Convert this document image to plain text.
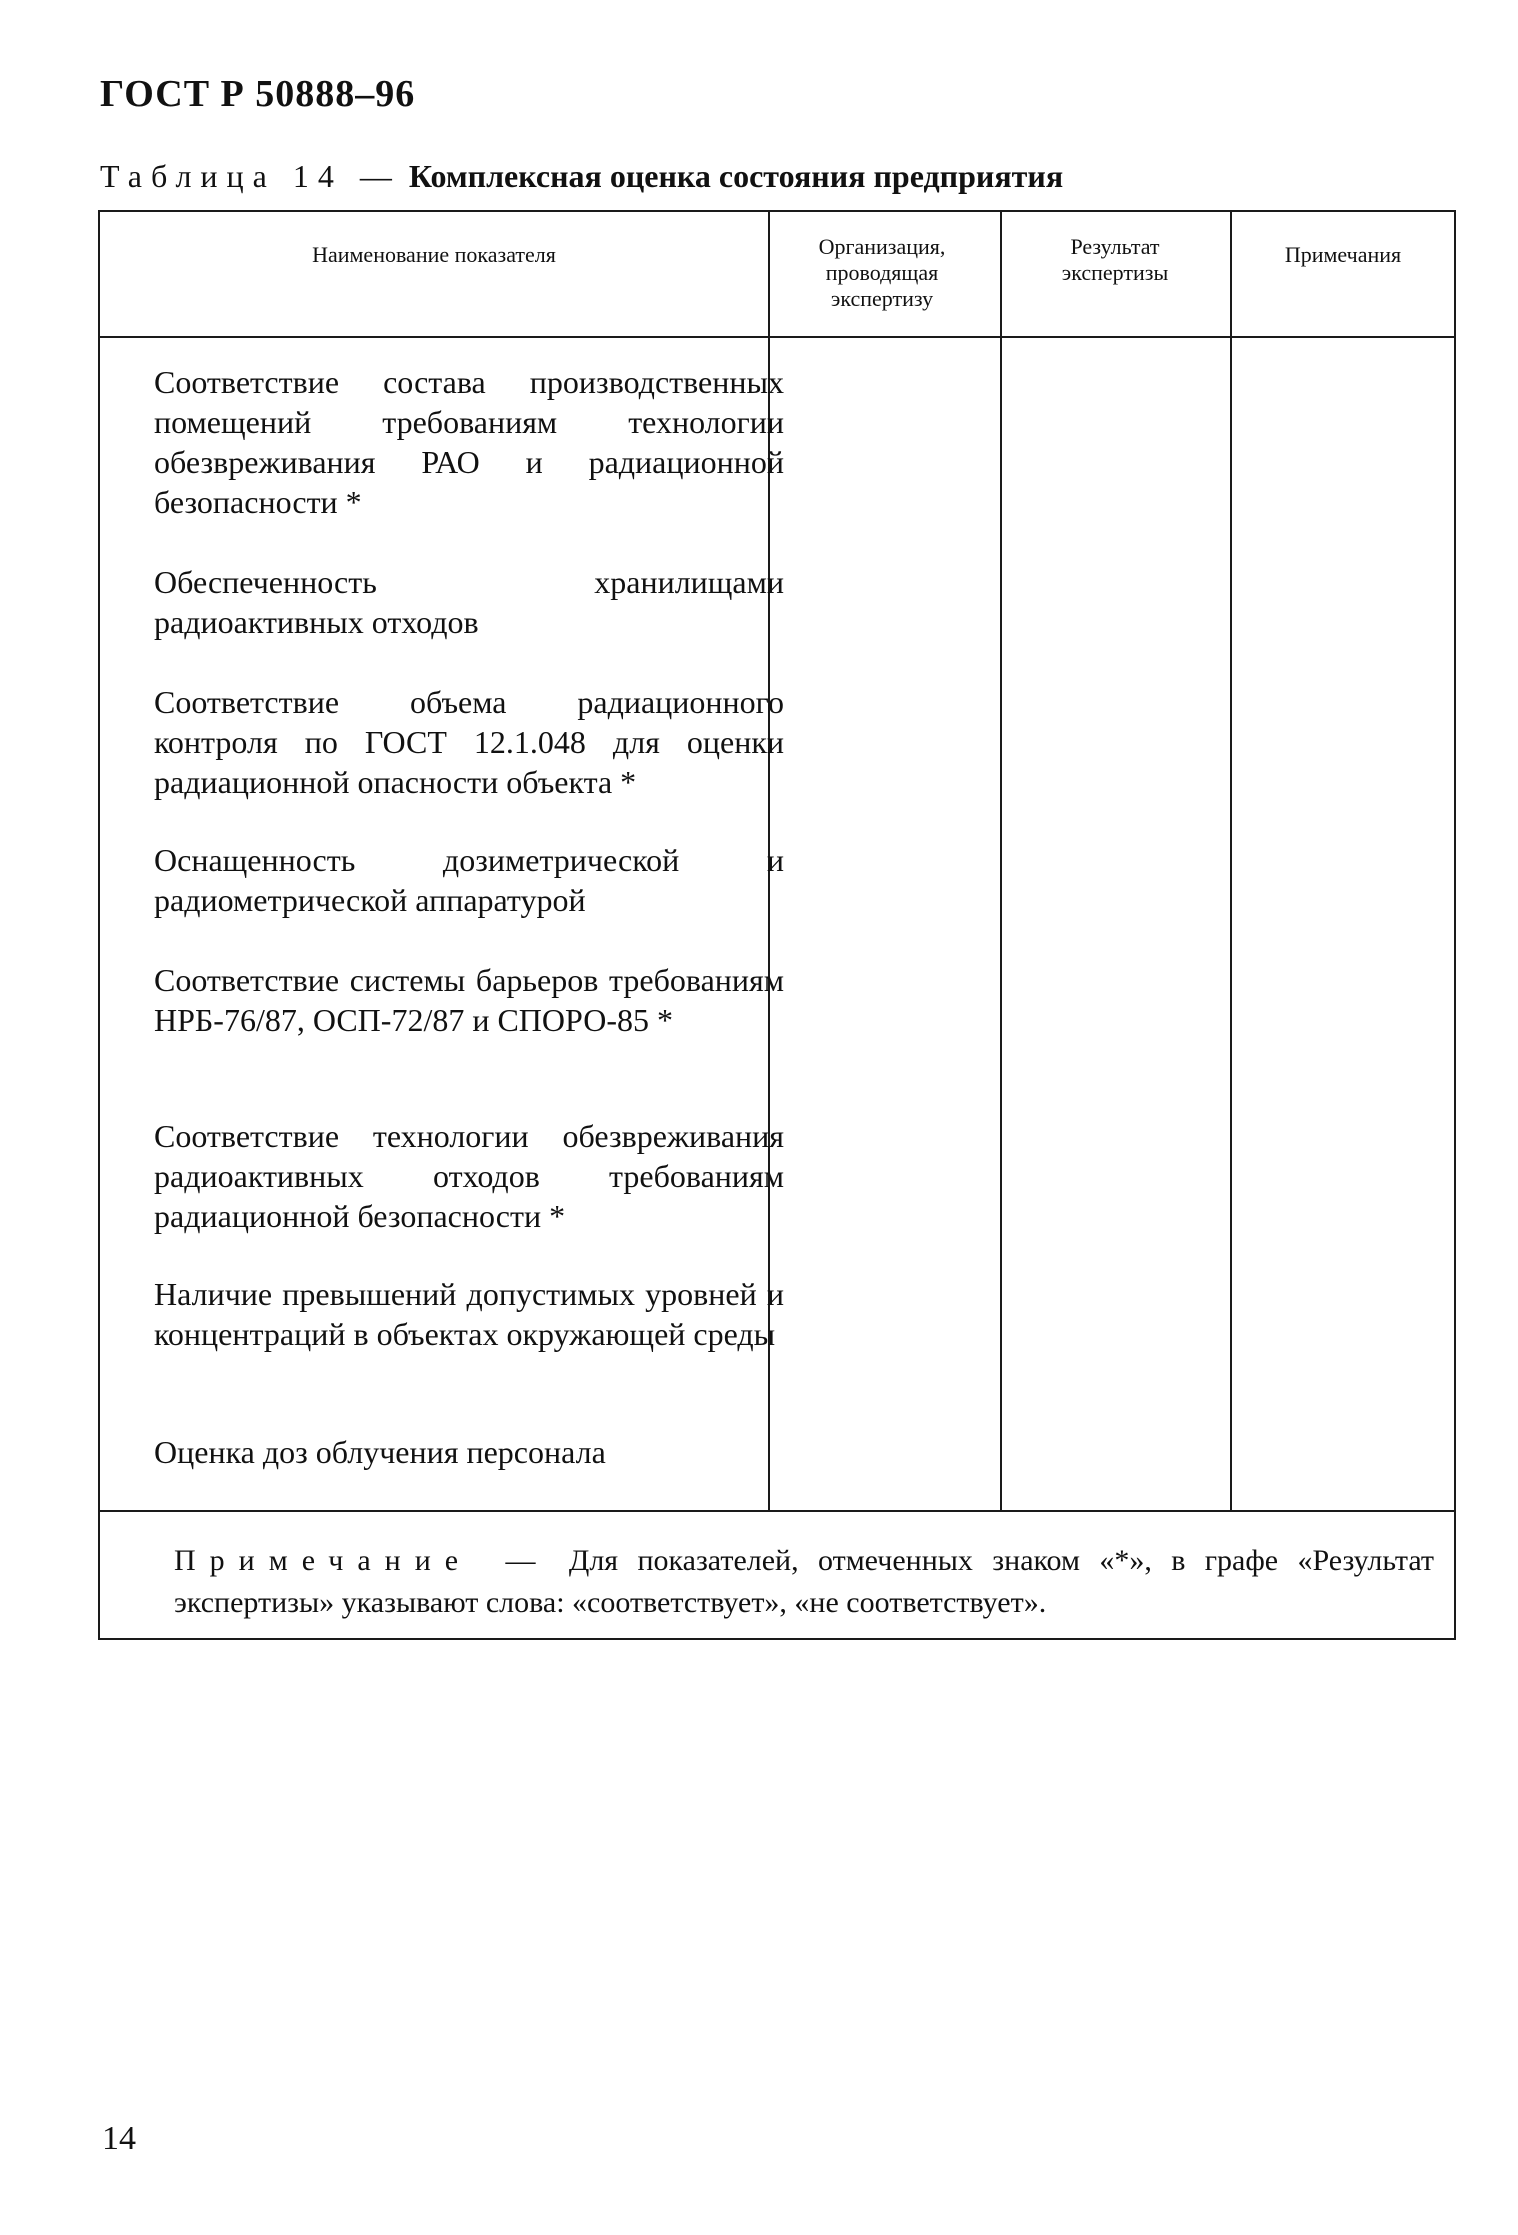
ГОСТ Р 50888–96
Таблица 14 — Комплексная оценка состояния предприятия
Наименование показателя	Организация, проводящая экспертизу
Результат экспертизы
Примечания
Соответствие состава производственных помещений требованиям технологии обезвреживания РАО и радиационной безопасности *
Обеспеченность хранилищами радиоактивных отходов
Соответствие объема радиационного контроля по ГОСТ 12.1.048 для оценки радиационной опасности объекта *
Оснащенность дозиметрической и радиометрической аппаратурой
Соответствие системы барьеров требованиям НРБ-76/87, ОСП-72/87 и СПОРО-85 *
Соответствие технологии обезвреживания радиоактивных отходов требованиям радиационной безопасности *
Наличие превышений допустимых уровней и концентраций в объектах окружающей среды
Оценка доз облучения персонала
Примечание — Для показателей, отмеченных знаком «*», в графе «Результат экспертизы» указывают слова: «соответствует», «не соответствует».
14
